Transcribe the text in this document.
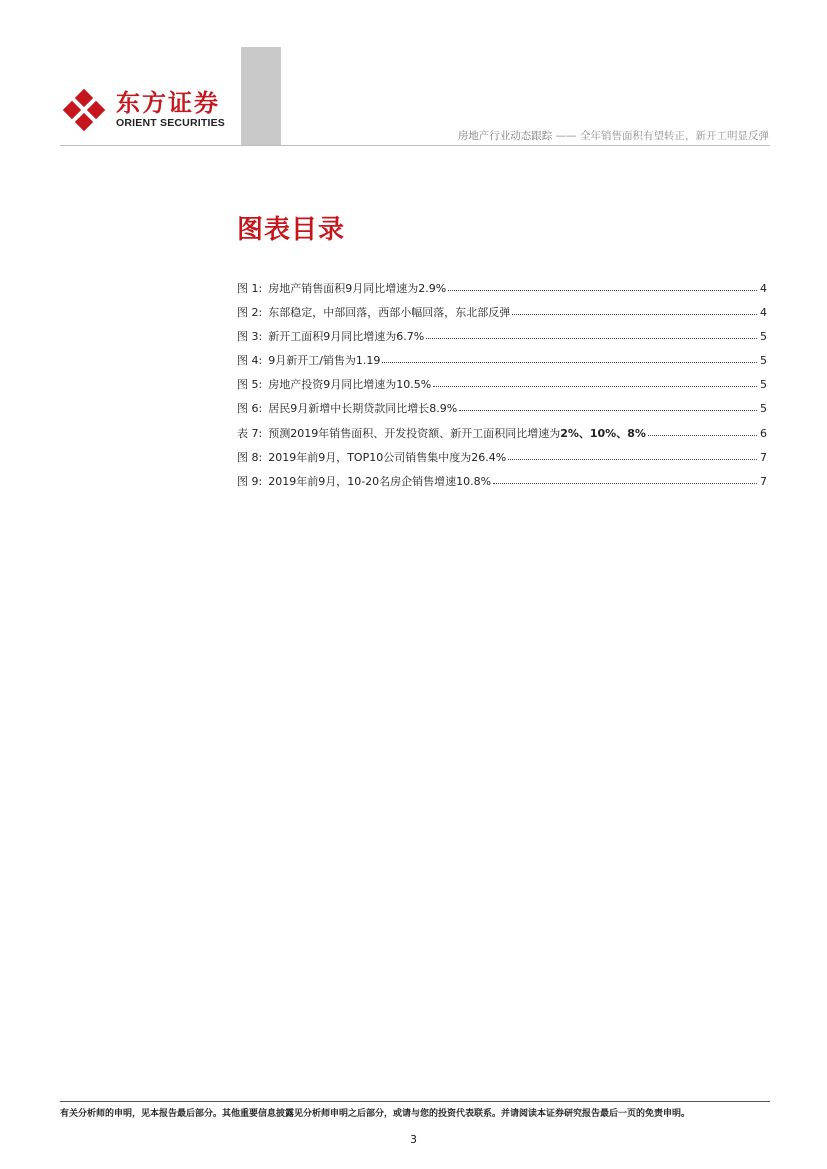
东方证券
ORIENT SECURITIES
房地产行业动态跟踪 —— 全年销售面积有望转正，新开工明显反弹
图表目录
图 1: 房地产销售面积9月同比增速为2.9%	4
图 2: 东部稳定，中部回落，西部小幅回落，东北部反弹	4
图 3: 新开工面积9月同比增速为6.7%	5
图 4: 9月新开工/销售为1.19	5
图 5: 房地产投资9月同比增速为10.5%	5
图 6: 居民9月新增中长期贷款同比增长8.9%	5
表 7: 预测2019年销售面积、开发投资额、新开工面积同比增速为2%、10%、8%	6
图 8: 2019年前9月，TOP10公司销售集中度为26.4%	7
图 9: 2019年前9月，10-20名房企销售增速10.8%	7
有关分析师的申明，见本报告最后部分。其他重要信息披露见分析师申明之后部分，或请与您的投资代表联系。并请阅读本证券研究报告最后一页的免责申明。
3
